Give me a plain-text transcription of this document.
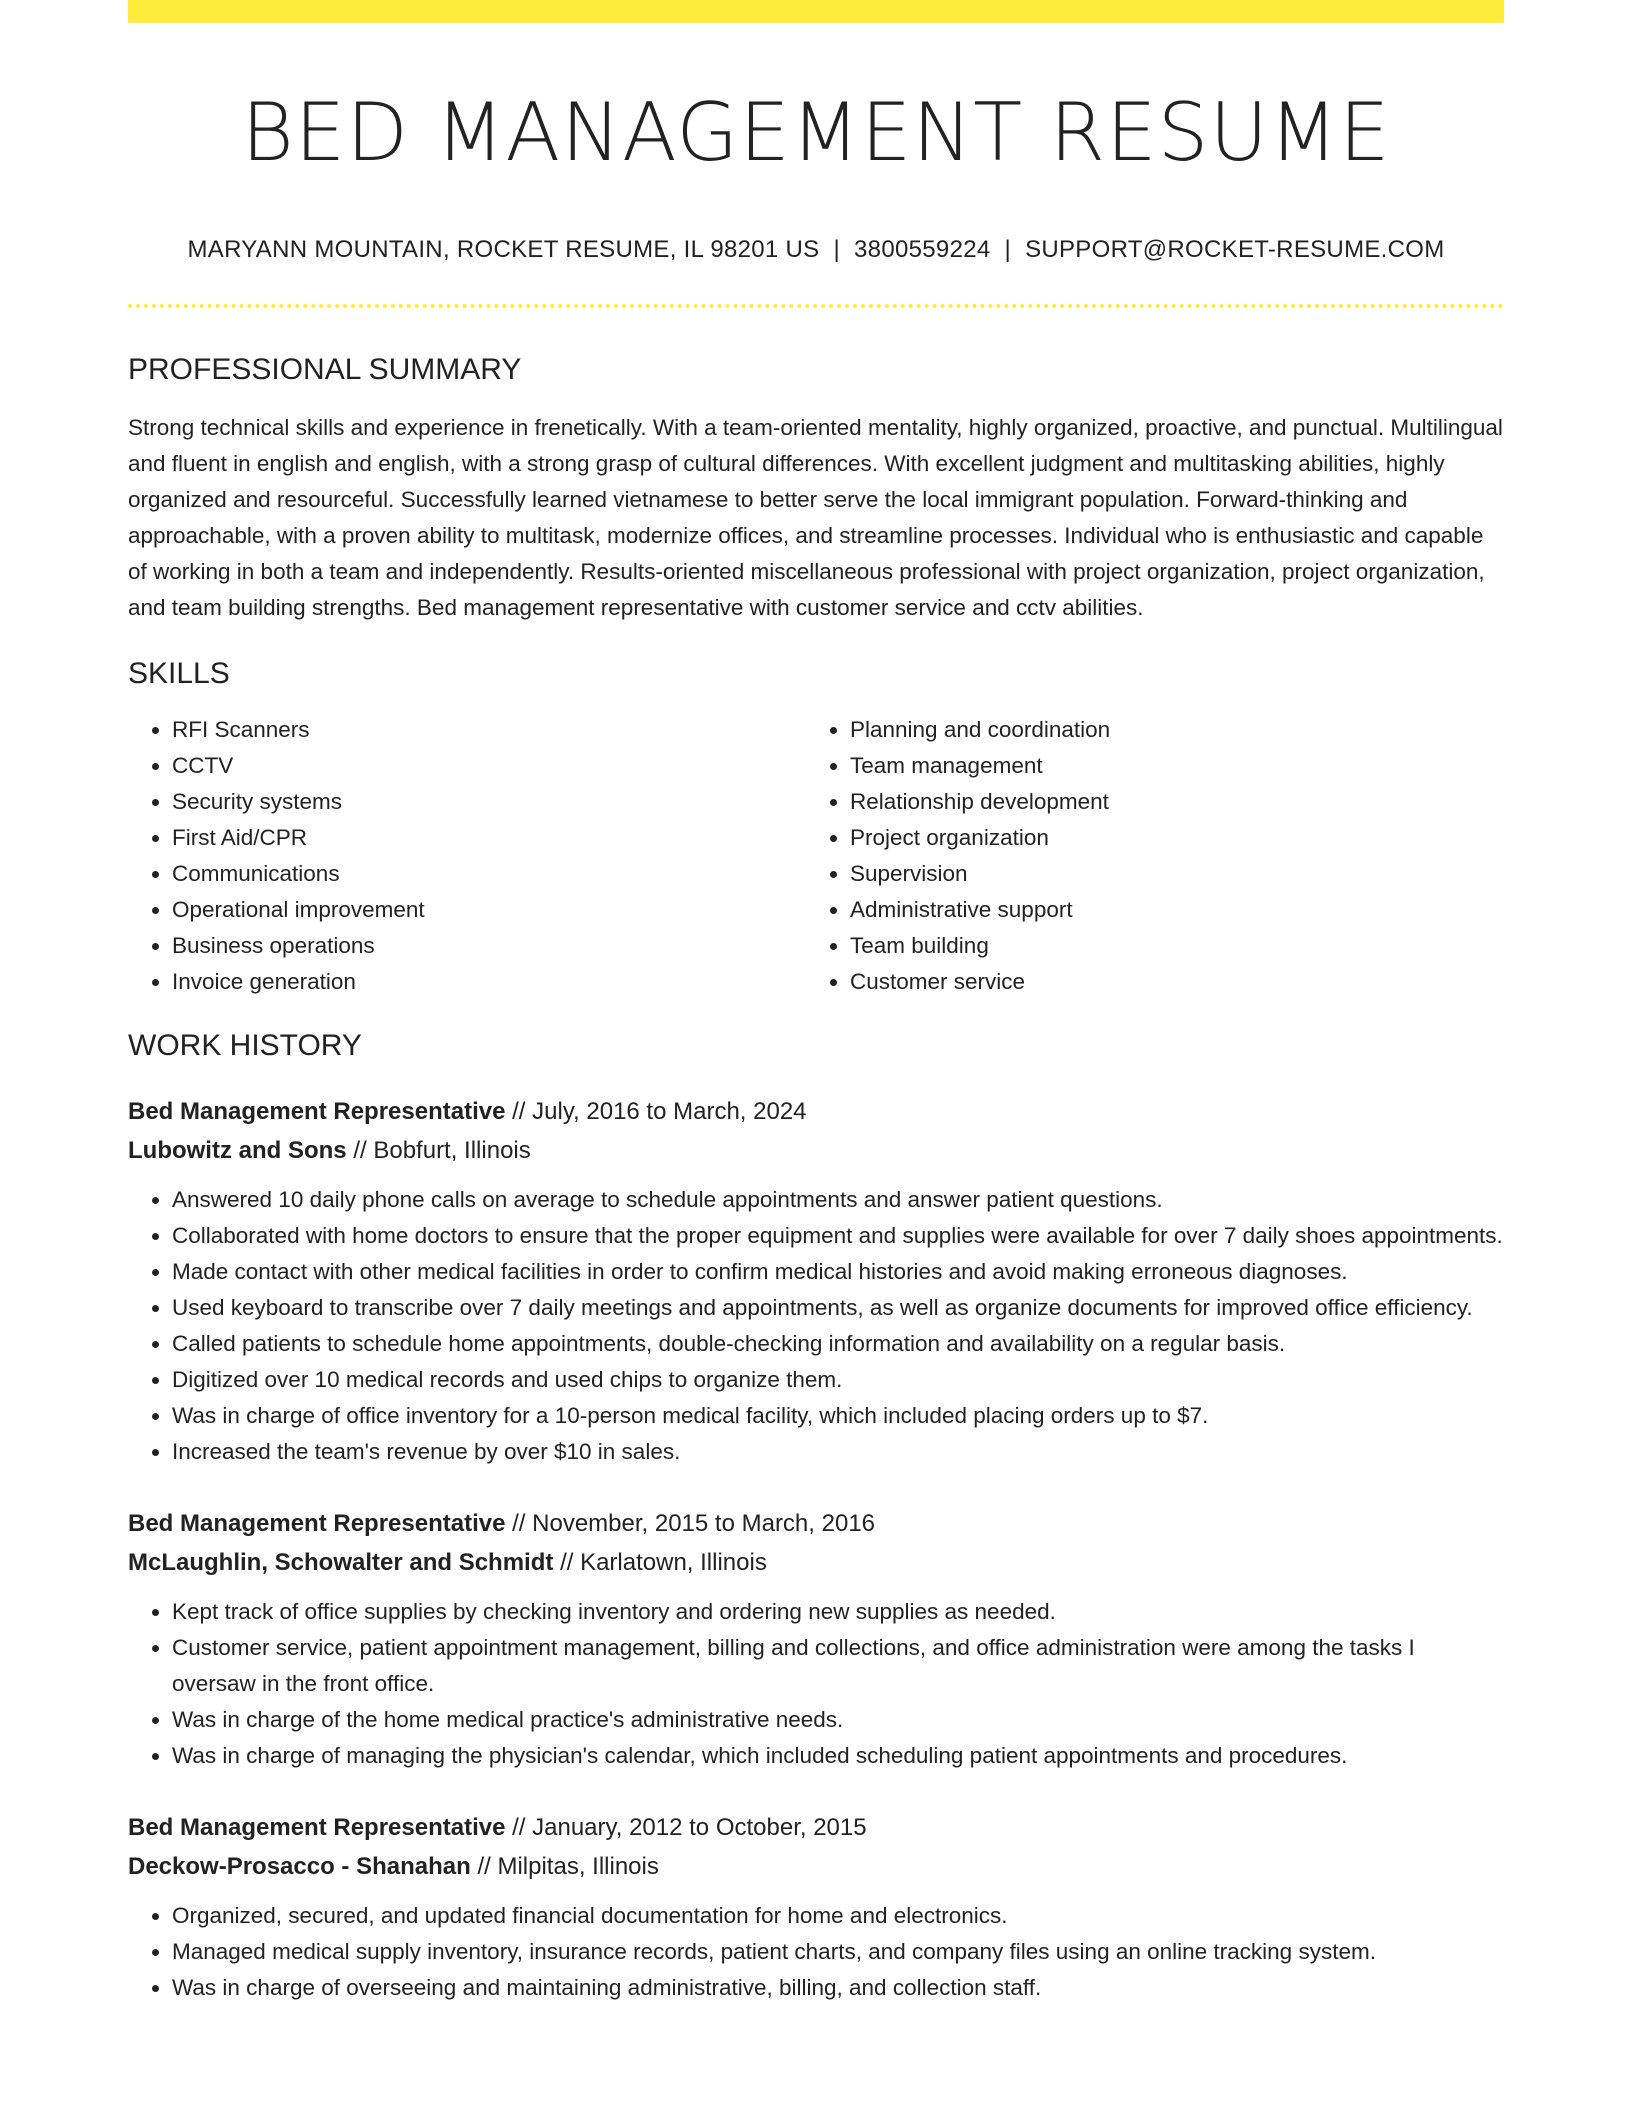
BED MANAGEMENT RESUME
MARYANN MOUNTAIN, ROCKET RESUME, IL 98201 US | 3800559224 | SUPPORT@ROCKET-RESUME.COM
PROFESSIONAL SUMMARY

Strong technical skills and experience in frenetically. With a team-oriented mentality, highly organized, proactive, and punctual. Multilingual and fluent in english and english, with a strong grasp of cultural differences. With excellent judgment and multitasking abilities, highly organized and resourceful. Successfully learned vietnamese to better serve the local immigrant population. Forward-thinking and approachable, with a proven ability to multitask, modernize offices, and streamline processes. Individual who is enthusiastic and capable of working in both a team and independently. Results-oriented miscellaneous professional with project organization, project organization, and team building strengths. Bed management representative with customer service and cctv abilities.

SKILLS
• RFI Scanners
• CCTV
• Security systems
• First Aid/CPR
• Communications
• Operational improvement
• Business operations
• Invoice generation
• Planning and coordination
• Team management
• Relationship development
• Project organization
• Supervision
• Administrative support
• Team building
• Customer service
WORK HISTORY
Bed Management Representative // July, 2016 to March, 2024
Lubowitz and Sons // Bobfurt, Illinois
• Answered 10 daily phone calls on average to schedule appointments and answer patient questions.
• Collaborated with home doctors to ensure that the proper equipment and supplies were available for over 7 daily shoes appointments.
• Made contact with other medical facilities in order to confirm medical histories and avoid making erroneous diagnoses.
• Used keyboard to transcribe over 7 daily meetings and appointments, as well as organize documents for improved office efficiency.
• Called patients to schedule home appointments, double-checking information and availability on a regular basis.
• Digitized over 10 medical records and used chips to organize them.
• Was in charge of office inventory for a 10-person medical facility, which included placing orders up to $7.
• Increased the team's revenue by over $10 in sales.
Bed Management Representative // November, 2015 to March, 2016
McLaughlin, Schowalter and Schmidt // Karlatown, Illinois
• Kept track of office supplies by checking inventory and ordering new supplies as needed.
• Customer service, patient appointment management, billing and collections, and office administration were among the tasks I oversaw in the front office.
• Was in charge of the home medical practice's administrative needs.
• Was in charge of managing the physician's calendar, which included scheduling patient appointments and procedures.
Bed Management Representative // January, 2012 to October, 2015
Deckow-Prosacco - Shanahan // Milpitas, Illinois
• Organized, secured, and updated financial documentation for home and electronics.
• Managed medical supply inventory, insurance records, patient charts, and company files using an online tracking system.
• Was in charge of overseeing and maintaining administrative, billing, and collection staff.
